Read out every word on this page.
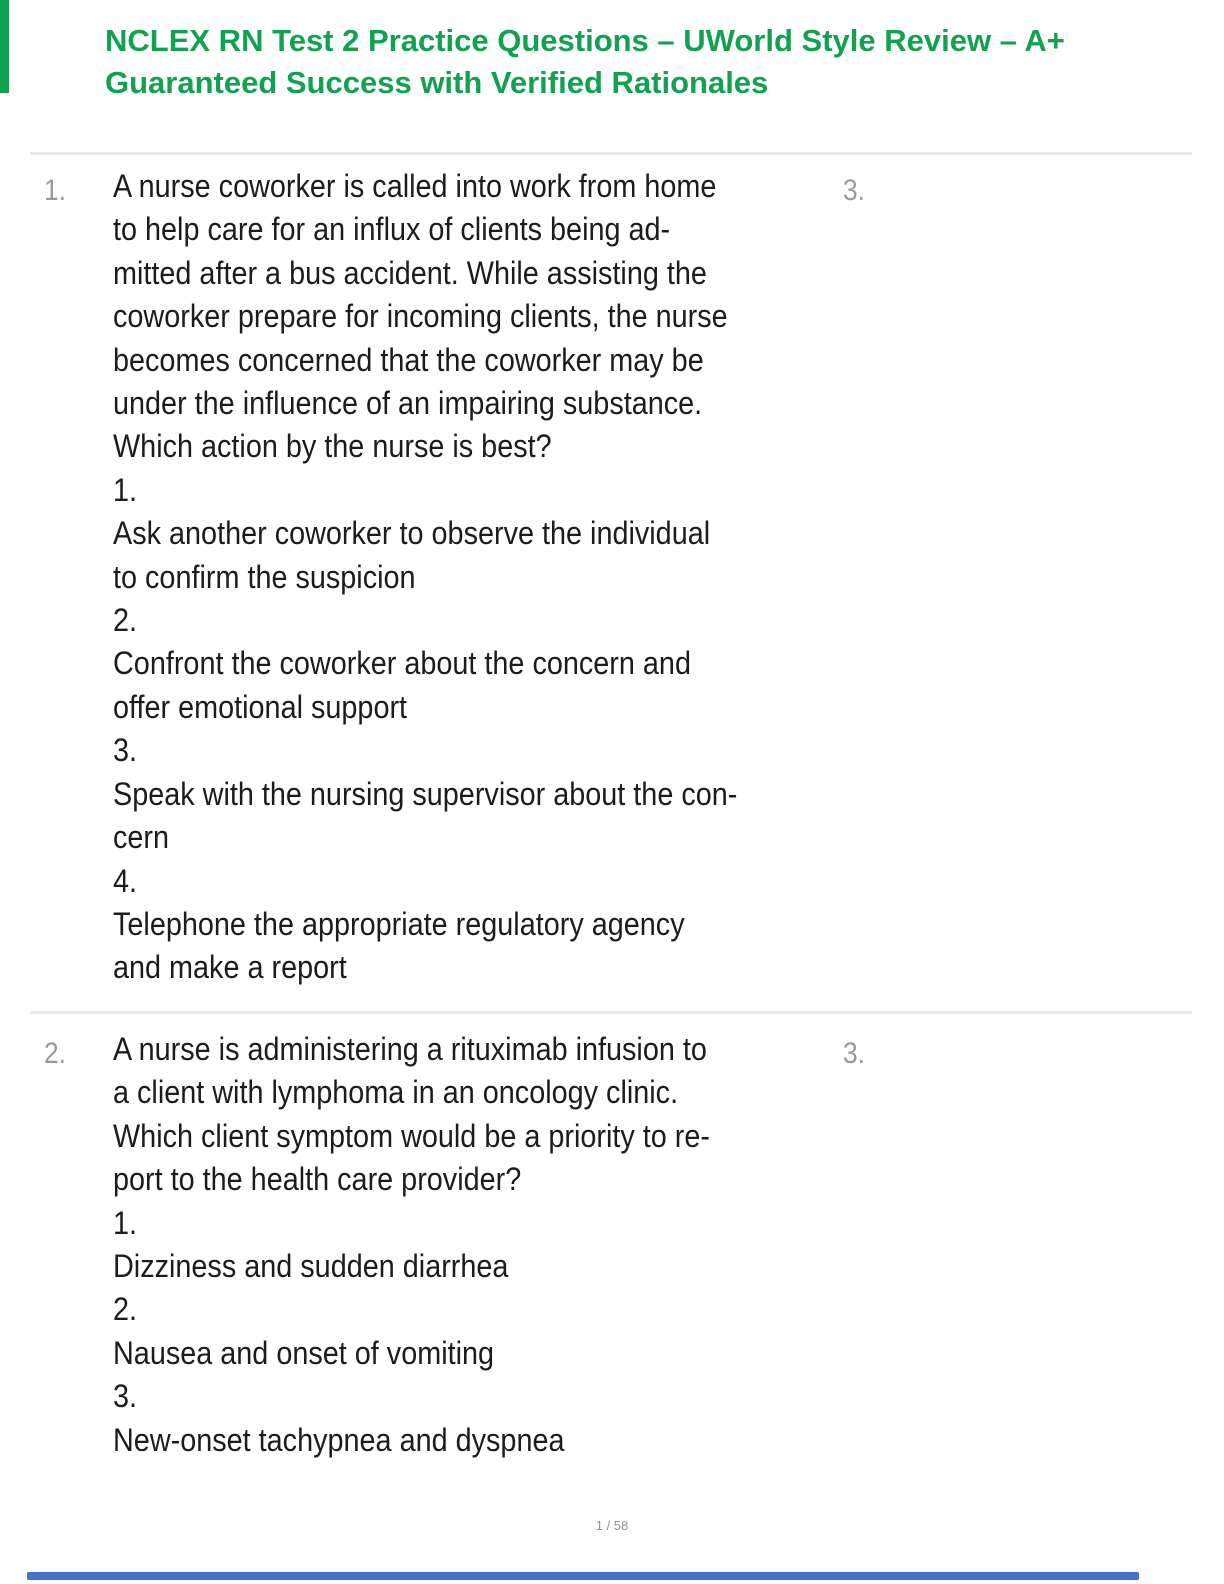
NCLEX RN Test 2 Practice Questions – UWorld Style Review – A+
Guaranteed Success with Verified Rationales
1.	3.
A nurse coworker is called into work from home
to help care for an influx of clients being ad-
mitted after a bus accident. While assisting the
coworker prepare for incoming clients, the nurse
becomes concerned that the coworker may be
under the influence of an impairing substance.
Which action by the nurse is best?
1.
Ask another coworker to observe the individual
to confirm the suspicion
2.
Confront the coworker about the concern and
offer emotional support
3.
Speak with the nursing supervisor about the con-
cern
4.
Telephone the appropriate regulatory agency
and make a report
2.	3.
A nurse is administering a rituximab infusion to
a client with lymphoma in an oncology clinic.
Which client symptom would be a priority to re-
port to the health care provider?
1.
Dizziness and sudden diarrhea
2.
Nausea and onset of vomiting
3.
New-onset tachypnea and dyspnea
1 / 58
